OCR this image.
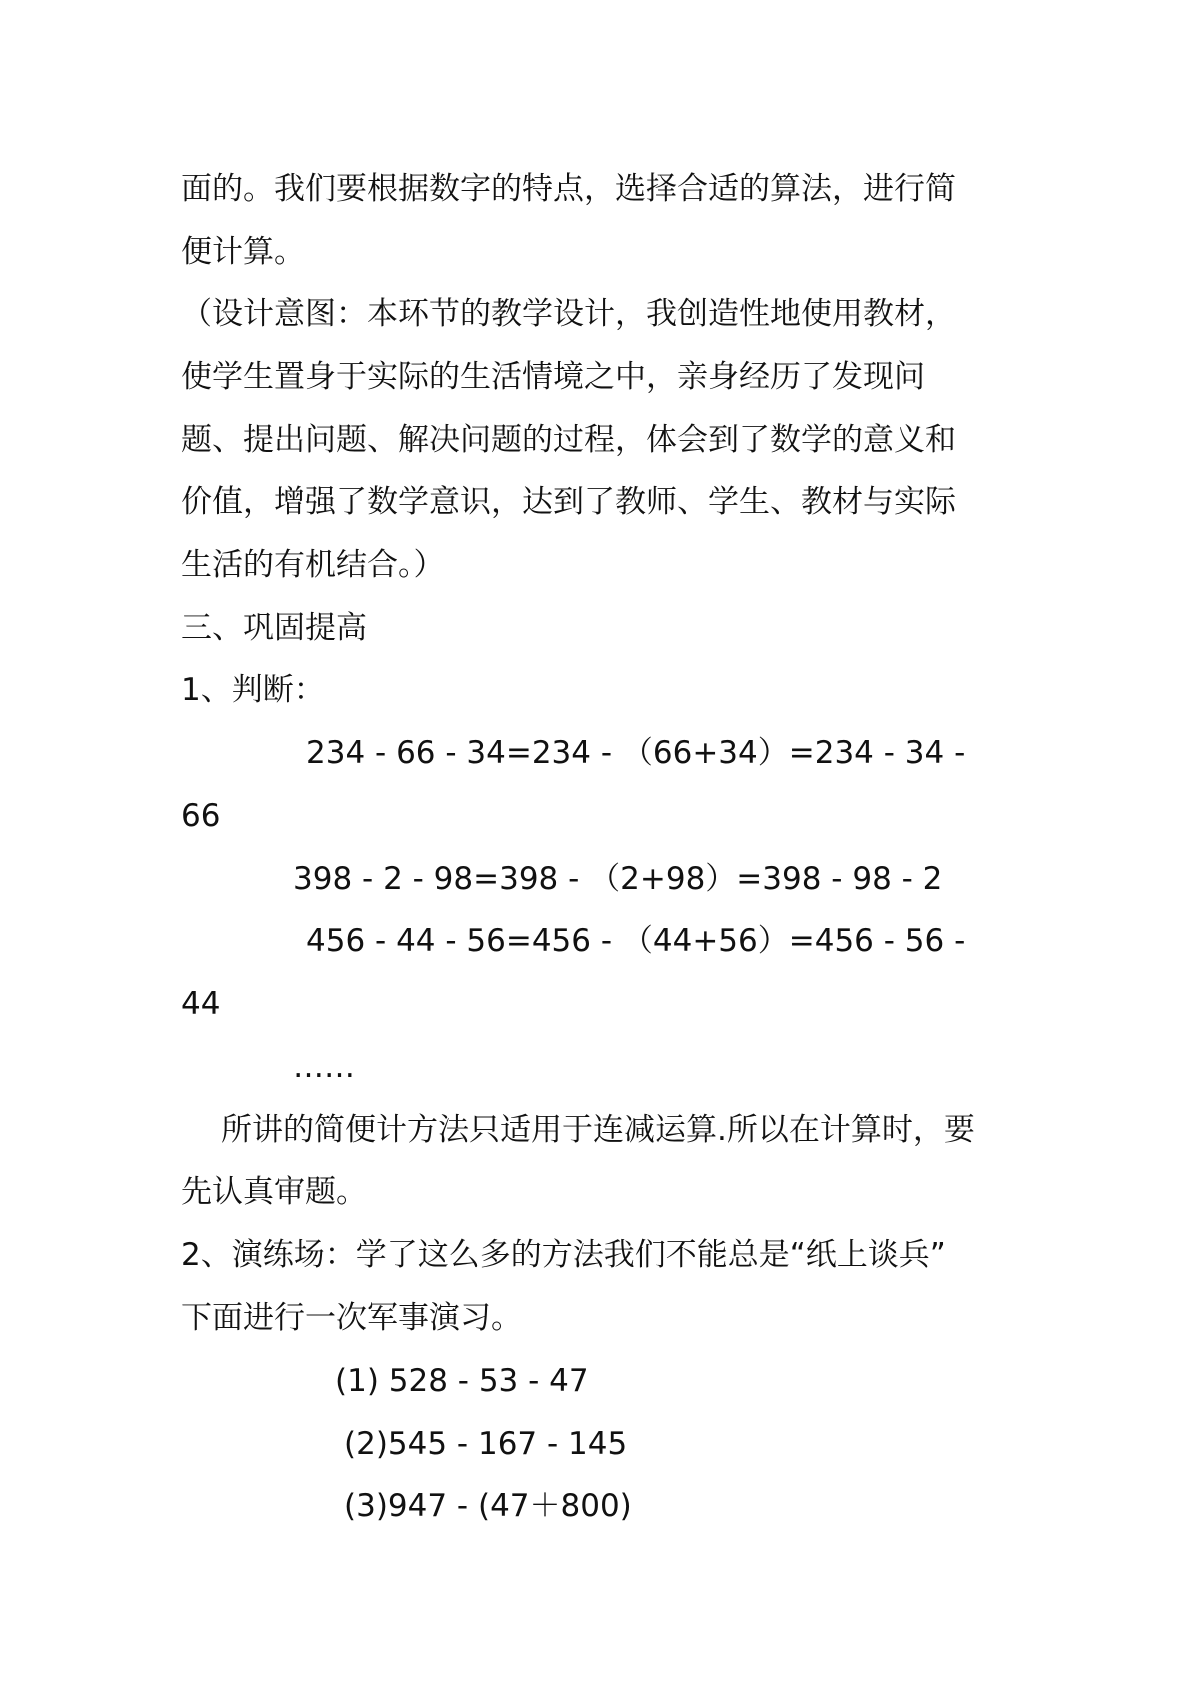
面的。我们要根据数字的特点，选择合适的算法，进行简
便计算。
（设计意图：本环节的教学设计，我创造性地使用教材，
使学生置身于实际的生活情境之中，亲身经历了发现问
题、提出问题、解决问题的过程，体会到了数学的意义和
价值，增强了数学意识，达到了教师、学生、教材与实际
生活的有机结合。）
三、巩固提高
1、判断：
234 - 66 - 34=234 - （66+34）=234 - 34 -
66
398 - 2 - 98=398 - （2+98）=398 - 98 - 2
456 - 44 - 56=456 - （44+56）=456 - 56 -
44
……
所讲的简便计方法只适用于连减运算.所以在计算时，要
先认真审题。
2、演练场：学了这么多的方法我们不能总是“纸上谈兵”
下面进行一次军事演习。
(1) 528 - 53 - 47
(2)545 - 167 - 145
(3)947 - (47＋800)
